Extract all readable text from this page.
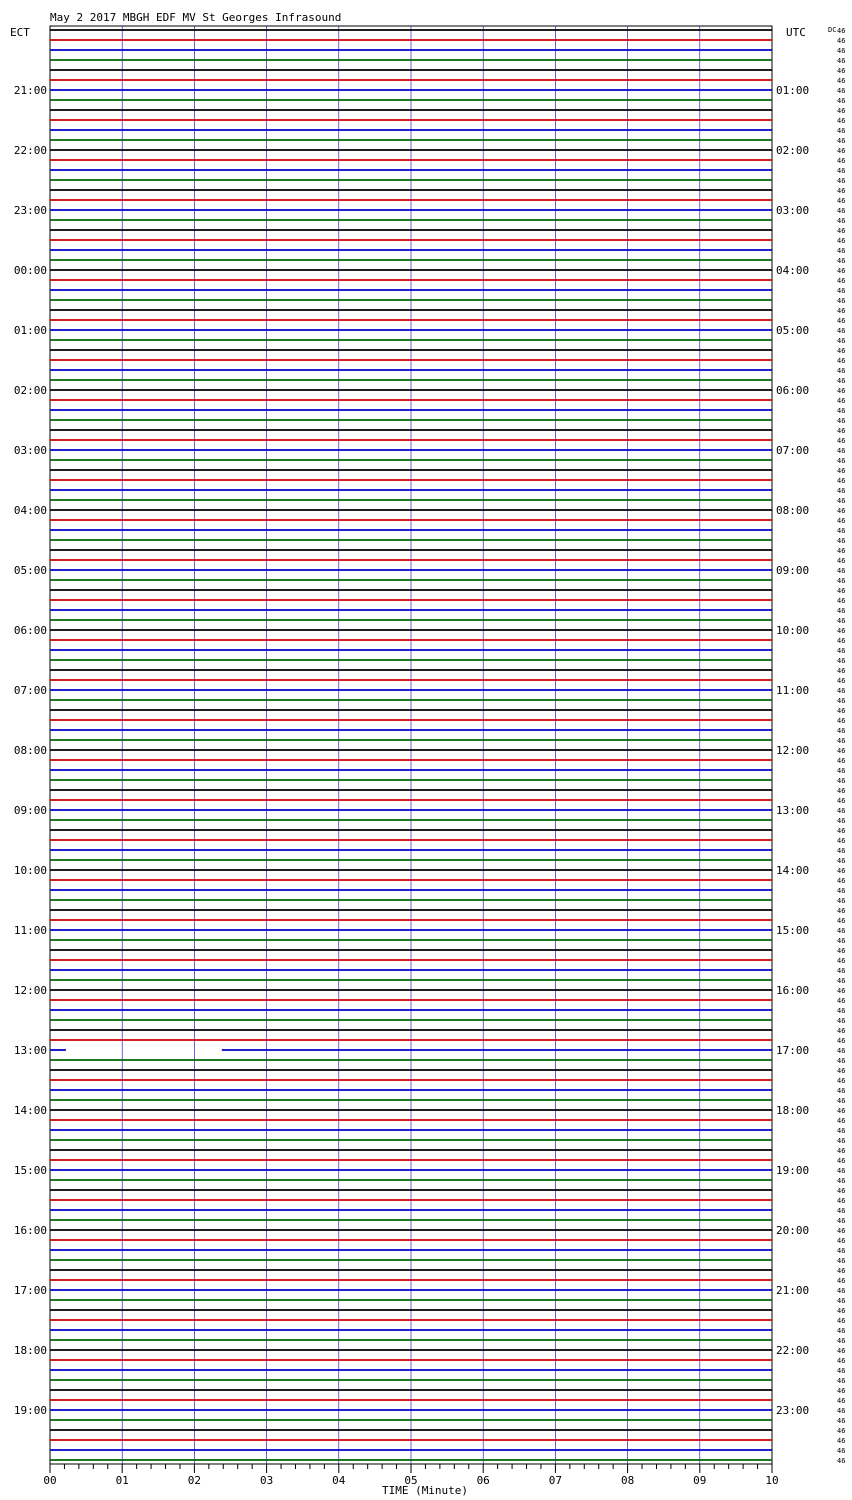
May 2 2017 MBGH EDF MV St Georges Infrasound
ECT	UTC	DC
TIME (Minute)
21:00
22:00
23:00
00:00
01:00
02:00
03:00
04:00
05:00
06:00
07:00
08:00
09:00
10:00
11:00
12:00
13:00
14:00
15:00
16:00
17:00
18:00
19:00
01:00
02:00
03:00
04:00
05:00
06:00
07:00
08:00
09:00
10:00
11:00
12:00
13:00
14:00
15:00
16:00
17:00
18:00
19:00
20:00
21:00
22:00
23:00
46
46
46
46
46
46
46
46
46
46
46
46
46
46
46
46
46
46
46
46
46
46
46
46
46
46
46
46
46
46
46
46
46
46
46
46
46
46
46
46
46
46
46
46
46
46
46
46
46
46
46
46
46
46
46
46
46
46
46
46
46
46
46
46
46
46
46
46
46
46
46
46
46
46
46
46
46
46
46
46
46
46
46
46
46
46
46
46
46
46
46
46
46
46
46
46
46
46
46
46
46
46
46
46
46
46
46
46
46
46
46
46
46
46
46
46
46
46
46
46
46
46
46
46
46
46
46
46
46
46
46
46
46
46
46
46
46
46
46
46
46
46
46
46
00	01	02	03	04	05	06	07	08	09	10
